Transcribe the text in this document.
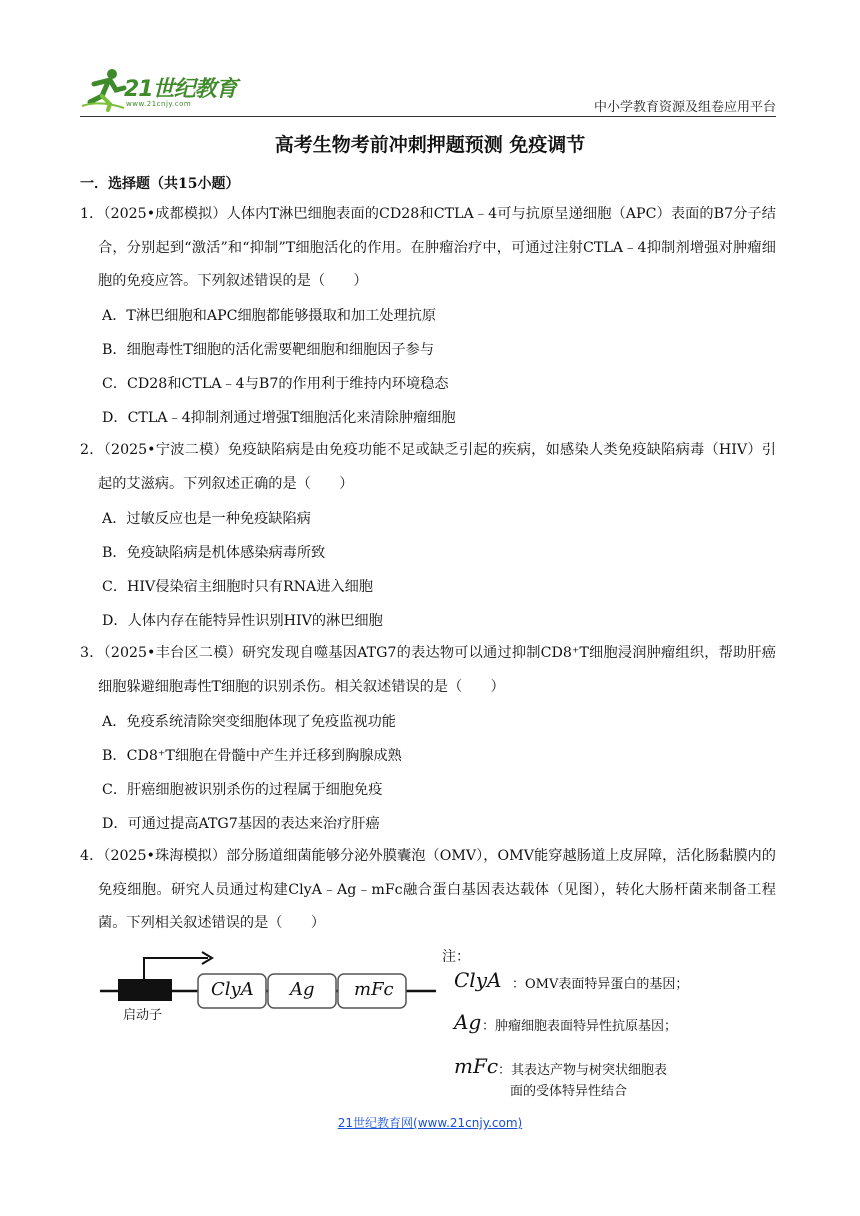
21世纪教育
www.21cnjy.com	中小学教育资源及组卷应用平台
高考生物考前冲刺押题预测 免疫调节
一．选择题（共15小题）

1．（2025•成都模拟）人体内T淋巴细胞表面的CD28和CTLA﹣4可与抗原呈递细胞（APC）表面的B7分子结合，分别起到“激活”和“抑制”T细胞活化的作用。在肿瘤治疗中，可通过注射CTLA﹣4抑制剂增强对肿瘤细胞的免疫应答。下列叙述错误的是（　　）

A．T淋巴细胞和APC细胞都能够摄取和加工处理抗原
B．细胞毒性T细胞的活化需要靶细胞和细胞因子参与
C．CD28和CTLA﹣4与B7的作用利于维持内环境稳态
D．CTLA﹣4抑制剂通过增强T细胞活化来清除肿瘤细胞

2．（2025•宁波二模）免疫缺陷病是由免疫功能不足或缺乏引起的疾病，如感染人类免疫缺陷病毒（HIV）引起的艾滋病。下列叙述正确的是（　　）

A．过敏反应也是一种免疫缺陷病
B．免疫缺陷病是机体感染病毒所致
C．HIV侵染宿主细胞时只有RNA进入细胞
D．人体内存在能特异性识别HIV的淋巴细胞

3．（2025•丰台区二模）研究发现自噬基因ATG7的表达物可以通过抑制CD8⁺T细胞浸润肿瘤组织，帮助肝癌细胞躲避细胞毒性T细胞的识别杀伤。相关叙述错误的是（　　）

A．免疫系统清除突变细胞体现了免疫监视功能
B．CD8⁺T细胞在骨髓中产生并迁移到胸腺成熟
C．肝癌细胞被识别杀伤的过程属于细胞免疫
D．可通过提高ATG7基因的表达来治疗肝癌

4．（2025•珠海模拟）部分肠道细菌能够分泌外膜囊泡（OMV），OMV能穿越肠道上皮屏障，活化肠黏膜内的免疫细胞。研究人员通过构建ClyA﹣Ag﹣mFc融合蛋白基因表达载体（见图），转化大肠杆菌来制备工程菌。下列相关叙述错误的是（　　）

ClyA Ag mFc
启动子
注：
ClyA ：OMV表面特异蛋白的基因；
Ag ：肿瘤细胞表面特异性抗原基因；
mFc ：其表达产物与树突状细胞表
面的受体特异性结合
21世纪教育网(www.21cnjy.com)
